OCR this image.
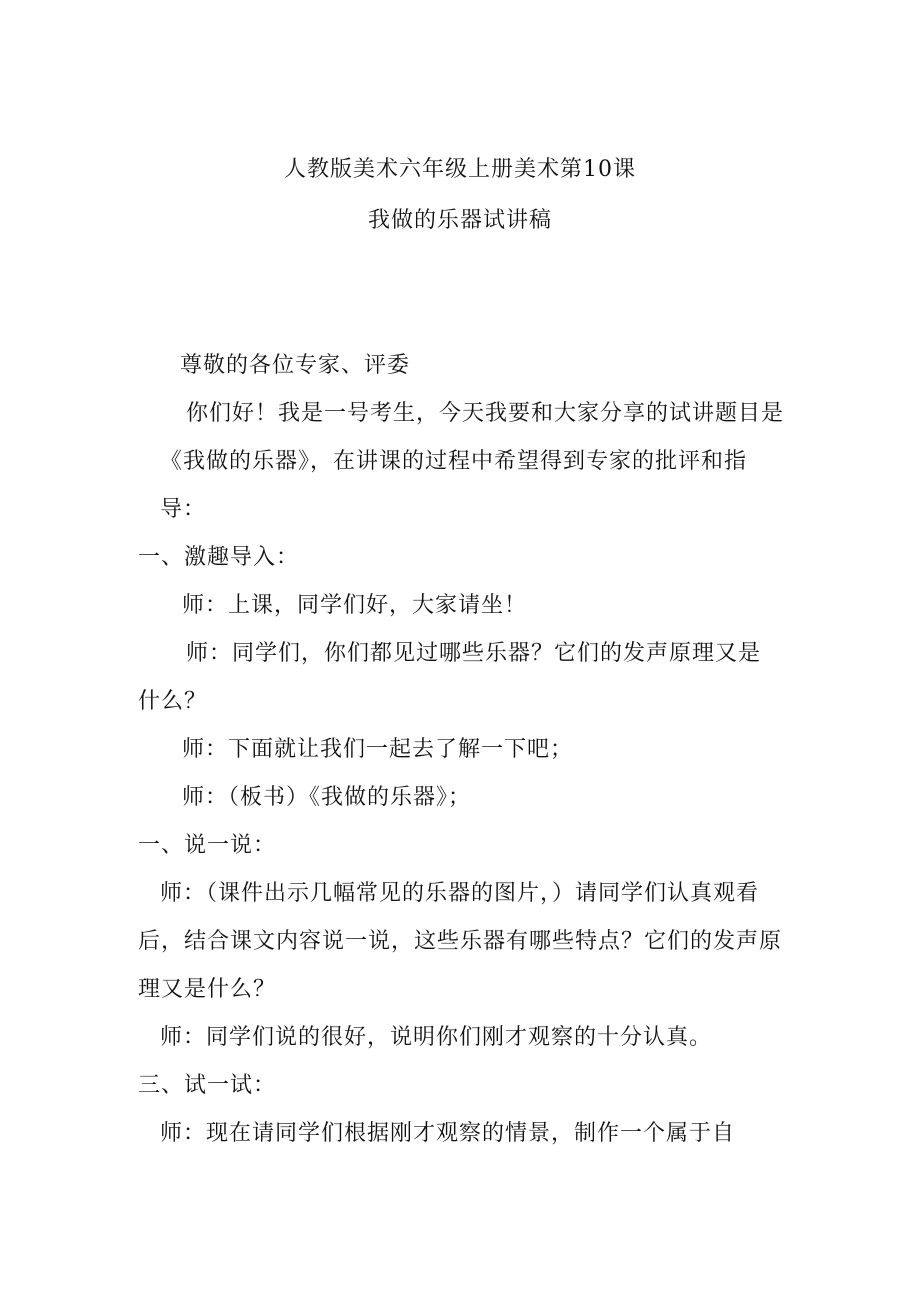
人教版美术六年级上册美术第10课
我做的乐器试讲稿
尊敬的各位专家、评委
你们好！我是一号考生，今天我要和大家分享的试讲题目是
《我做的乐器》，在讲课的过程中希望得到专家的批评和指
导：
一、激趣导入：
师：上课，同学们好，大家请坐！
师：同学们，你们都见过哪些乐器？它们的发声原理又是
什么？
师：下面就让我们一起去了解一下吧；
师：（板书）《我做的乐器》；
一、说一说：
师：（课件出示几幅常见的乐器的图片，）请同学们认真观看
后，结合课文内容说一说，这些乐器有哪些特点？它们的发声原
理又是什么？
师：同学们说的很好，说明你们刚才观察的十分认真。
三、试一试：
师：现在请同学们根据刚才观察的情景，制作一个属于自
